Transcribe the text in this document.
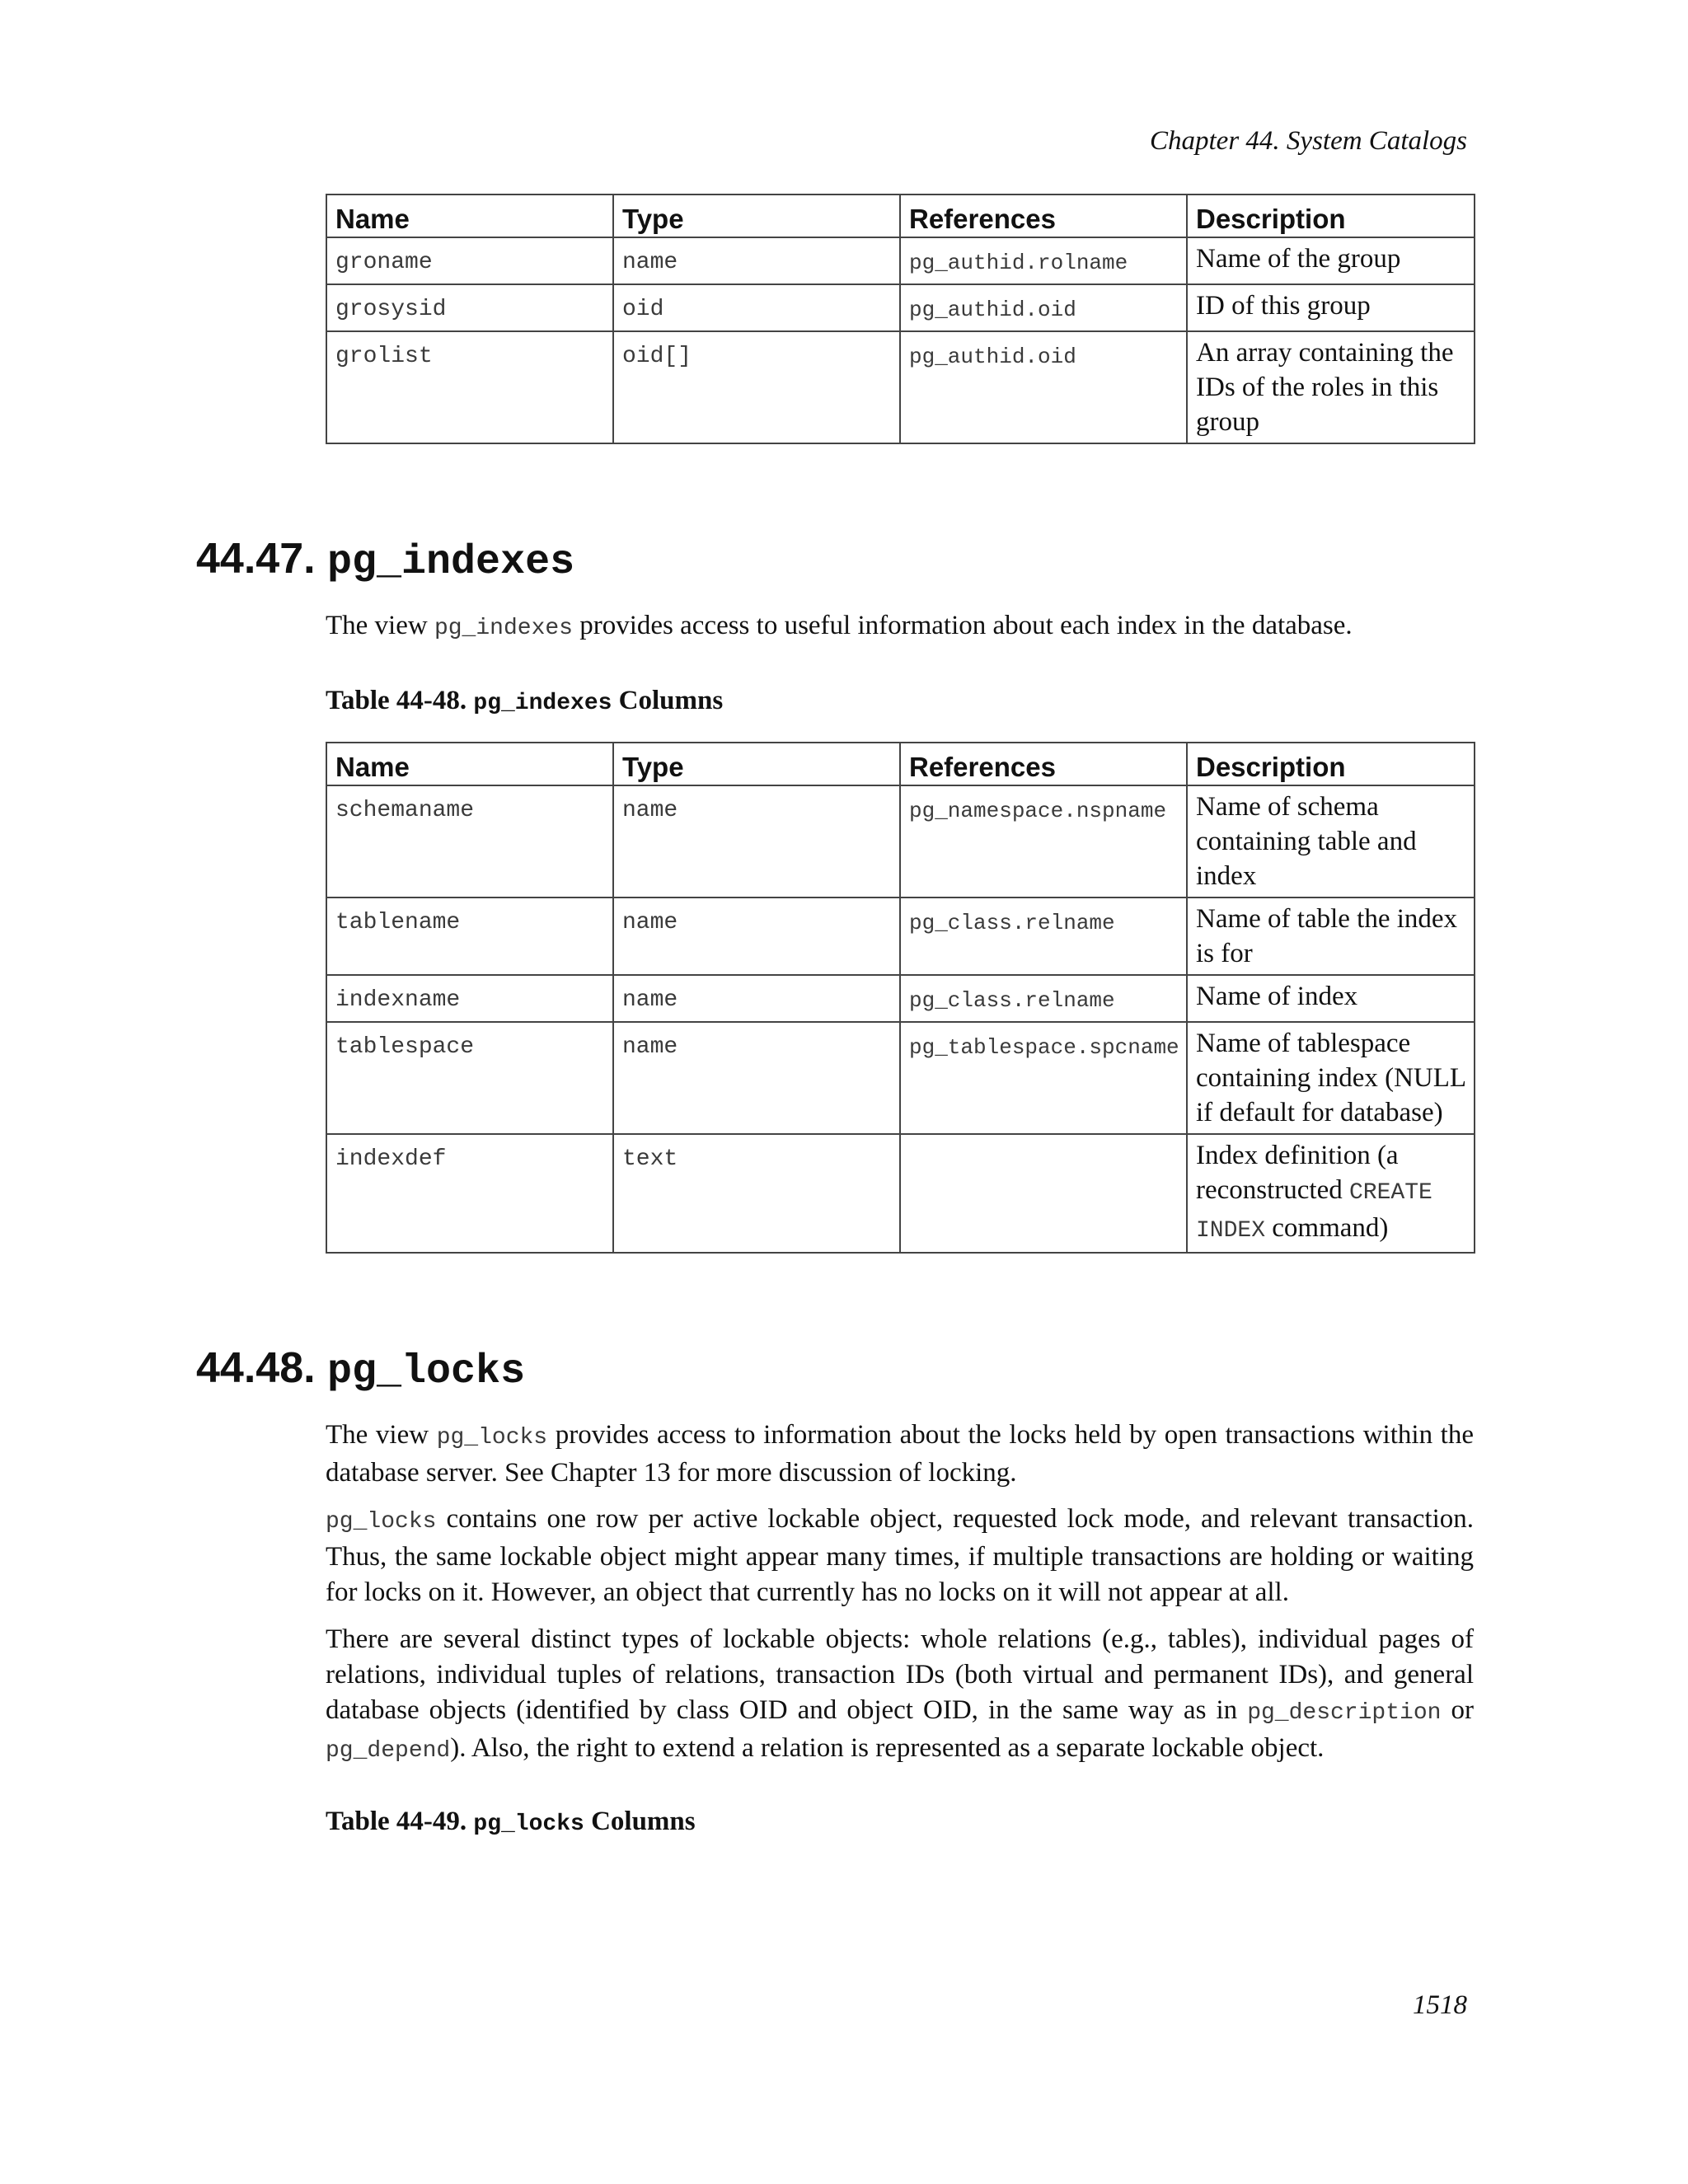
Chapter 44. System Catalogs
Name	Type	References	Description
groname	name	pg_authid.rolname	Name of the group
grosysid	oid	pg_authid.oid	ID of this group
grolist	oid[]	pg_authid.oid	An array containing the IDs of the roles in this group
44.47. pg_indexes
The view pg_indexes provides access to useful information about each index in the database.
Table 44-48. pg_indexes Columns
Name	Type	References	Description
schemaname	name	pg_namespace.nspname	Name of schema containing table and index
tablename	name	pg_class.relname	Name of table the index is for
indexname	name	pg_class.relname	Name of index
tablespace	name	pg_tablespace.spcname	Name of tablespace containing index (NULL if default for database)
indexdef	text		Index definition (a reconstructed CREATE INDEX command)
44.48. pg_locks
The view pg_locks provides access to information about the locks held by open transactions within the database server. See Chapter 13 for more discussion of locking.
pg_locks contains one row per active lockable object, requested lock mode, and relevant transaction. Thus, the same lockable object might appear many times, if multiple transactions are holding or waiting for locks on it. However, an object that currently has no locks on it will not appear at all.
There are several distinct types of lockable objects: whole relations (e.g., tables), individual pages of relations, individual tuples of relations, transaction IDs (both virtual and permanent IDs), and general database objects (identified by class OID and object OID, in the same way as in pg_description or pg_depend). Also, the right to extend a relation is represented as a separate lockable object.
Table 44-49. pg_locks Columns
1518
